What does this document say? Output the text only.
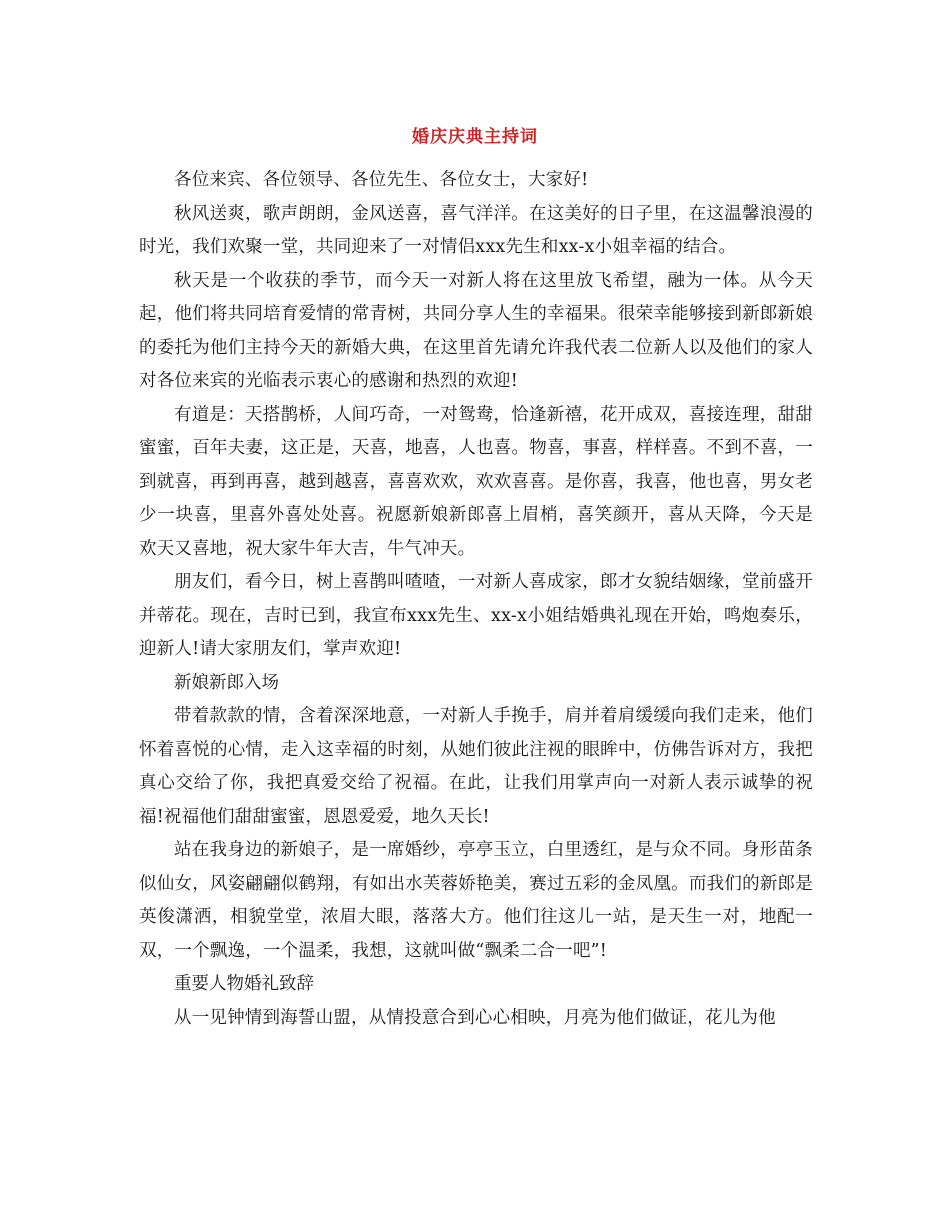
婚庆庆典主持词

各位来宾、各位领导、各位先生、各位女士，大家好!

秋风送爽，歌声朗朗，金风送喜，喜气洋洋。在这美好的日子里，在这温馨浪漫的时光，我们欢聚一堂，共同迎来了一对情侣xxx先生和xx-x小姐幸福的结合。

秋天是一个收获的季节，而今天一对新人将在这里放飞希望，融为一体。从今天起，他们将共同培育爱情的常青树，共同分享人生的幸福果。很荣幸能够接到新郎新娘的委托为他们主持今天的新婚大典，在这里首先请允许我代表二位新人以及他们的家人对各位来宾的光临表示衷心的感谢和热烈的欢迎!

有道是：天搭鹊桥，人间巧奇，一对鸳鸯，恰逢新禧，花开成双，喜接连理，甜甜蜜蜜，百年夫妻，这正是，天喜，地喜，人也喜。物喜，事喜，样样喜。不到不喜，一到就喜，再到再喜，越到越喜，喜喜欢欢，欢欢喜喜。是你喜，我喜，他也喜，男女老少一块喜，里喜外喜处处喜。祝愿新娘新郎喜上眉梢，喜笑颜开，喜从天降，今天是 欢天又喜地，祝大家牛年大吉，牛气冲天。

朋友们，看今日，树上喜鹊叫喳喳，一对新人喜成家，郎才女貌结姻缘，堂前盛开并蒂花。现在，吉时已到，我宣布xxx先生、xx-x小姐结婚典礼现在开始，鸣炮奏乐，迎新人!请大家朋友们，掌声欢迎!

新娘新郎入场

带着款款的情，含着深深地意，一对新人手挽手，肩并着肩缓缓向我们走来，他们怀着喜悦的心情，走入这幸福的时刻，从她们彼此注视的眼眸中，仿佛告诉对方，我把真心交给了你，我把真爱交给了祝福。在此，让我们用掌声向一对新人表示诚挚的祝福!祝福他们甜甜蜜蜜，恩恩爱爱，地久天长!

站在我身边的新娘子，是一席婚纱，亭亭玉立，白里透红，是与众不同。身形苗条似仙女，风姿翩翩似鹤翔，有如出水芙蓉娇艳美，赛过五彩的金凤凰。而我们的新郎是英俊潇洒，相貌堂堂，浓眉大眼，落落大方。他们往这儿一站，是天生一对，地配一双，一个飘逸，一个温柔，我想，这就叫做“飘柔二合一吧”!

重要人物婚礼致辞

从一见钟情到海誓山盟，从情投意合到心心相映，月亮为他们做证，花儿为他
